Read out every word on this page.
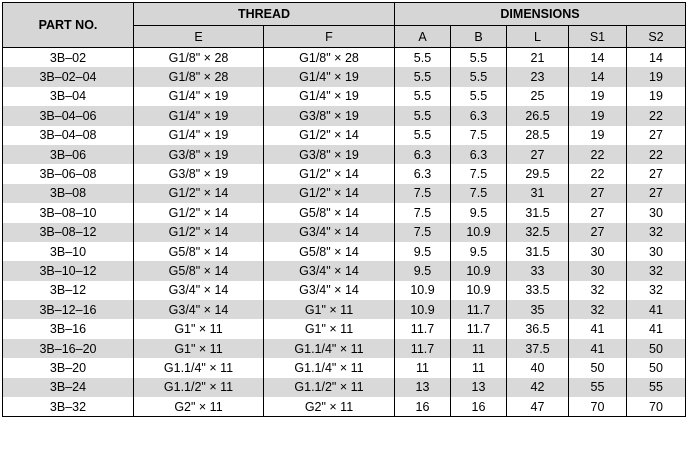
PART NO.	THREAD		DIMENSIONS				
	E	F	A	B	L	S1	S2
3B–02	G1/8" × 28	G1/8" × 28	5.5	5.5	21	14	14
3B–02–04	G1/8" × 28	G1/4" × 19	5.5	5.5	23	14	19
3B–04	G1/4" × 19	G1/4" × 19	5.5	5.5	25	19	19
3B–04–06	G1/4" × 19	G3/8" × 19	5.5	6.3	26.5	19	22
3B–04–08	G1/4" × 19	G1/2" × 14	5.5	7.5	28.5	19	27
3B–06	G3/8" × 19	G3/8" × 19	6.3	6.3	27	22	22
3B–06–08	G3/8" × 19	G1/2" × 14	6.3	7.5	29.5	22	27
3B–08	G1/2" × 14	G1/2" × 14	7.5	7.5	31	27	27
3B–08–10	G1/2" × 14	G5/8" × 14	7.5	9.5	31.5	27	30
3B–08–12	G1/2" × 14	G3/4" × 14	7.5	10.9	32.5	27	32
3B–10	G5/8" × 14	G5/8" × 14	9.5	9.5	31.5	30	30
3B–10–12	G5/8" × 14	G3/4" × 14	9.5	10.9	33	30	32
3B–12	G3/4" × 14	G3/4" × 14	10.9	10.9	33.5	32	32
3B–12–16	G3/4" × 14	G1" × 11	10.9	11.7	35	32	41
3B–16	G1" × 11	G1" × 11	11.7	11.7	36.5	41	41
3B–16–20	G1" × 11	G1.1/4" × 11	11.7	11	37.5	41	50
3B–20	G1.1/4" × 11	G1.1/4" × 11	11	11	40	50	50
3B–24	G1.1/2" × 11	G1.1/2" × 11	13	13	42	55	55
3B–32	G2" × 11	G2" × 11	16	16	47	70	70
